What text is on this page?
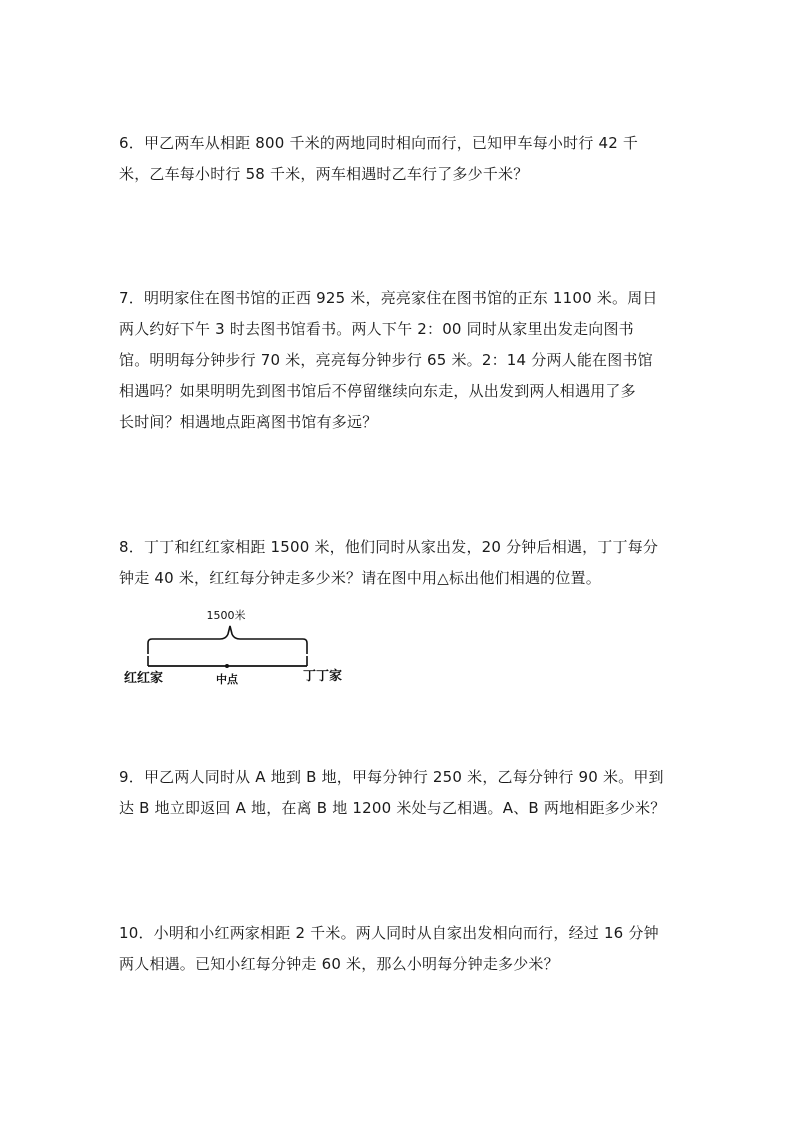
6．甲乙两车从相距 800 千米的两地同时相向而行，已知甲车每小时行 42 千

米，乙车每小时行 58 千米，两车相遇时乙车行了多少千米？

7．明明家住在图书馆的正西 925 米，亮亮家住在图书馆的正东 1100 米。周日

两人约好下午 3 时去图书馆看书。两人下午 2：00 同时从家里出发走向图书

馆。明明每分钟步行 70 米，亮亮每分钟步行 65 米。2：14 分两人能在图书馆

相遇吗？如果明明先到图书馆后不停留继续向东走，从出发到两人相遇用了多

长时间？相遇地点距离图书馆有多远？

8．丁丁和红红家相距 1500 米，他们同时从家出发，20 分钟后相遇，丁丁每分

钟走 40 米，红红每分钟走多少米？请在图中用△标出他们相遇的位置。

1500米
红红家	中点	丁丁家

9．甲乙两人同时从 A 地到 B 地，甲每分钟行 250 米，乙每分钟行 90 米。甲到

达 B 地立即返回 A 地，在离 B 地 1200 米处与乙相遇。A、B 两地相距多少米？

10．小明和小红两家相距 2 千米。两人同时从自家出发相向而行，经过 16 分钟

两人相遇。已知小红每分钟走 60 米，那么小明每分钟走多少米？
